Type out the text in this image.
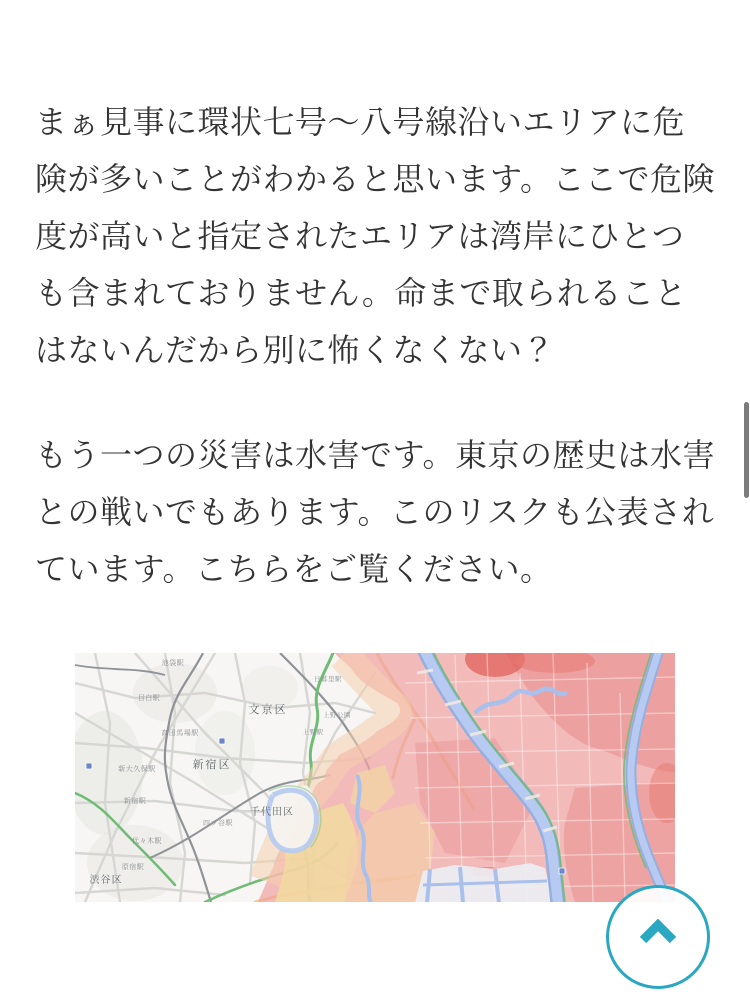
まぁ見事に環状七号〜八号線沿いエリアに危険が多いことがわかると思います。ここで危険度が高いと指定されたエリアは湾岸にひとつも含まれておりません。命まで取られることはないんだから別に怖くなくない？

もう一つの災害は水害です。東京の歴史は水害との戦いでもあります。このリスクも公表されています。こちらをご覧ください。

文京区
新宿区
千代田区
渋谷区
池袋駅
目白駅
高田馬場駅
新大久保駅
新宿駅
四ツ谷駅
代々木駅
原宿駅
日暮里駅
上野公園
上野駅
